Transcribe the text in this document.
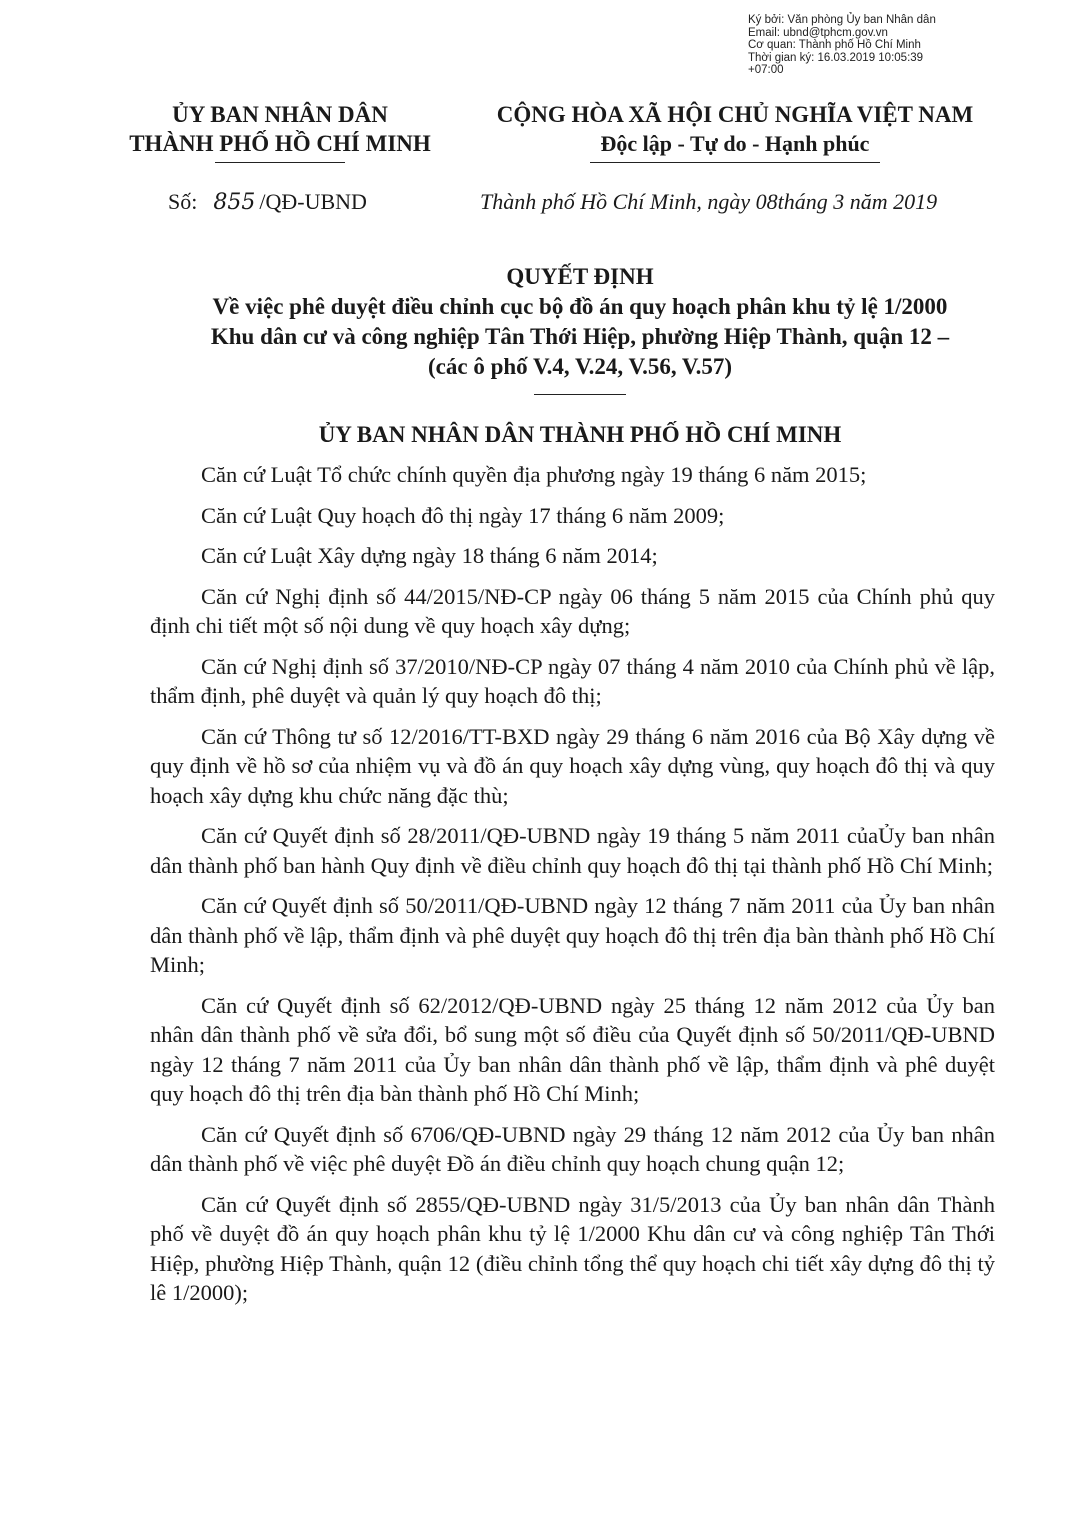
Ký bởi: Văn phòng Ủy ban Nhân dân
Email: ubnd@tphcm.gov.vn
Cơ quan: Thành phố Hồ Chí Minh
Thời gian ký: 16.03.2019 10:05:39
+07:00
ỦY BAN NHÂN DÂN
THÀNH PHỐ HỒ CHÍ MINH
CỘNG HÒA XÃ HỘI CHỦ NGHĨA VIỆT NAM
Độc lập - Tự do - Hạnh phúc
Số: 855 /QĐ-UBND	Thành phố Hồ Chí Minh, ngày 08tháng 3 năm 2019
QUYẾT ĐỊNH
Về việc phê duyệt điều chỉnh cục bộ đồ án quy hoạch phân khu tỷ lệ 1/2000
Khu dân cư và công nghiệp Tân Thới Hiệp, phường Hiệp Thành, quận 12 –
(các ô phố V.4, V.24, V.56, V.57)
ỦY BAN NHÂN DÂN THÀNH PHỐ HỒ CHÍ MINH

Căn cứ Luật Tổ chức chính quyền địa phương ngày 19 tháng 6 năm 2015;

Căn cứ Luật Quy hoạch đô thị ngày 17 tháng 6 năm 2009;

Căn cứ Luật Xây dựng ngày 18 tháng 6 năm 2014;

Căn cứ Nghị định số 44/2015/NĐ-CP ngày 06 tháng 5 năm 2015 của Chính phủ quy định chi tiết một số nội dung về quy hoạch xây dựng;

Căn cứ Nghị định số 37/2010/NĐ-CP ngày 07 tháng 4 năm 2010 của Chính phủ về lập, thẩm định, phê duyệt và quản lý quy hoạch đô thị;

Căn cứ Thông tư số 12/2016/TT-BXD ngày 29 tháng 6 năm 2016 của Bộ Xây dựng về quy định về hồ sơ của nhiệm vụ và đồ án quy hoạch xây dựng vùng, quy hoạch đô thị và quy hoạch xây dựng khu chức năng đặc thù;

Căn cứ Quyết định số 28/2011/QĐ-UBND ngày 19 tháng 5 năm 2011 củaỦy ban nhân dân thành phố ban hành Quy định về điều chỉnh quy hoạch đô thị tại thành phố Hồ Chí Minh;

Căn cứ Quyết định số 50/2011/QĐ-UBND ngày 12 tháng 7 năm 2011 của Ủy ban nhân dân thành phố về lập, thẩm định và phê duyệt quy hoạch đô thị trên địa bàn thành phố Hồ Chí Minh;

Căn cứ Quyết định số 62/2012/QĐ-UBND ngày 25 tháng 12 năm 2012 của Ủy ban nhân dân thành phố về sửa đổi, bổ sung một số điều của Quyết định số 50/2011/QĐ-UBND ngày 12 tháng 7 năm 2011 của Ủy ban nhân dân thành phố về lập, thẩm định và phê duyệt quy hoạch đô thị trên địa bàn thành phố Hồ Chí Minh;

Căn cứ Quyết định số 6706/QĐ-UBND ngày 29 tháng 12 năm 2012 của Ủy ban nhân dân thành phố về việc phê duyệt Đồ án điều chỉnh quy hoạch chung quận 12;

Căn cứ Quyết định số 2855/QĐ-UBND ngày 31/5/2013 của Ủy ban nhân dân Thành phố về duyệt đồ án quy hoạch phân khu tỷ lệ 1/2000 Khu dân cư và công nghiệp Tân Thới Hiệp, phường Hiệp Thành, quận 12 (điều chỉnh tổng thể quy hoạch chi tiết xây dựng đô thị tỷ lê 1/2000);
